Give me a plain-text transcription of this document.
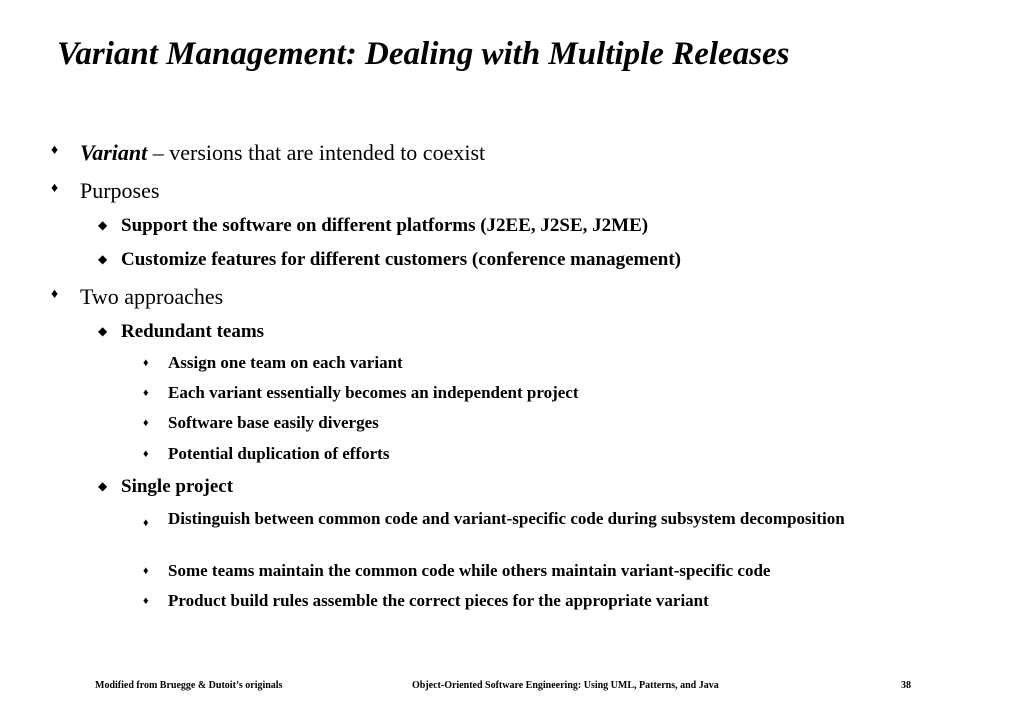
Variant Management: Dealing with Multiple Releases
♦ Variant – versions that are intended to coexist
♦ Purposes
◆ Support the software on different platforms (J2EE, J2SE, J2ME)
◆ Customize features for different customers (conference management)
♦ Two approaches
◆ Redundant teams
♦ Assign one team on each variant
♦ Each variant essentially becomes an independent project
♦ Software base easily diverges
♦ Potential duplication of efforts
◆ Single project
♦ Distinguish between common code and variant-specific code during subsystem decomposition
♦ Some teams maintain the common code while others maintain variant-specific code
♦ Product build rules assemble the correct pieces for the appropriate variant
Modified from Bruegge & Dutoit’s originals	Object-Oriented Software Engineering: Using UML, Patterns, and Java	38
